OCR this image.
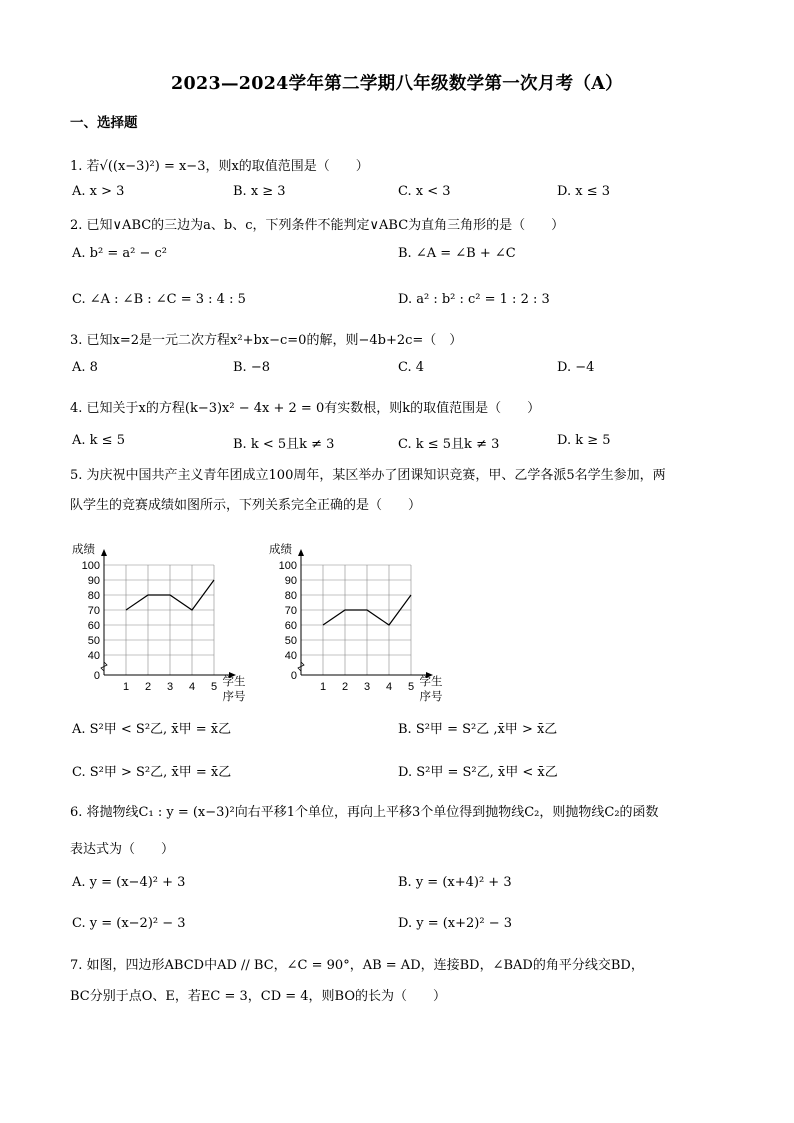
2023—2024学年第二学期八年级数学第一次月考（A）
一、选择题
1. 若√((x−3)²) = x−3，则x的取值范围是（　　）
A. x > 3	B. x ≥ 3	C. x < 3	D. x ≤ 3
2. 已知∨ABC的三边为a、b、c，下列条件不能判定∨ABC为直角三角形的是（　　）
A. b² = a² − c²	B. ∠A = ∠B + ∠C
C. ∠A : ∠B : ∠C = 3 : 4 : 5	D. a² : b² : c² = 1 : 2 : 3
3. 已知x=2是一元二次方程x²+bx−c=0的解，则−4b+2c=（　）
A. 8	B. −8	C. 4	D. −4
4. 已知关于x的方程(k−3)x² − 4x + 2 = 0有实数根，则k的取值范围是（　　）
A. k ≤ 5	B. k < 5且k ≠ 3	C. k ≤ 5且k ≠ 3	D. k ≥ 5
5. 为庆祝中国共产主义青年团成立100周年，某区举办了团课知识竞赛，甲、乙学各派5名学生参加，两
队学生的竞赛成绩如图所示，下列关系完全正确的是（　　）
0
40
50
60
70
80
90
100
1 2 3 4 5
成绩
学生
序号
0
40
50
60
70
80
90
100
1 2 3 4 5
成绩
学生
序号
A. S²甲 < S²乙, x̄甲 = x̄乙	B. S²甲 = S²乙 ,x̄甲 > x̄乙
C. S²甲 > S²乙, x̄甲 = x̄乙	D. S²甲 = S²乙, x̄甲 < x̄乙
6. 将抛物线C₁ : y = (x−3)²向右平移1个单位，再向上平移3个单位得到抛物线C₂，则抛物线C₂的函数
表达式为（　　）
A. y = (x−4)² + 3	B. y = (x+4)² + 3
C. y = (x−2)² − 3	D. y = (x+2)² − 3
7. 如图，四边形ABCD中AD // BC，∠C = 90°，AB = AD，连接BD，∠BAD的角平分线交BD，
BC分别于点O、E，若EC = 3，CD = 4，则BO的长为（　　）
